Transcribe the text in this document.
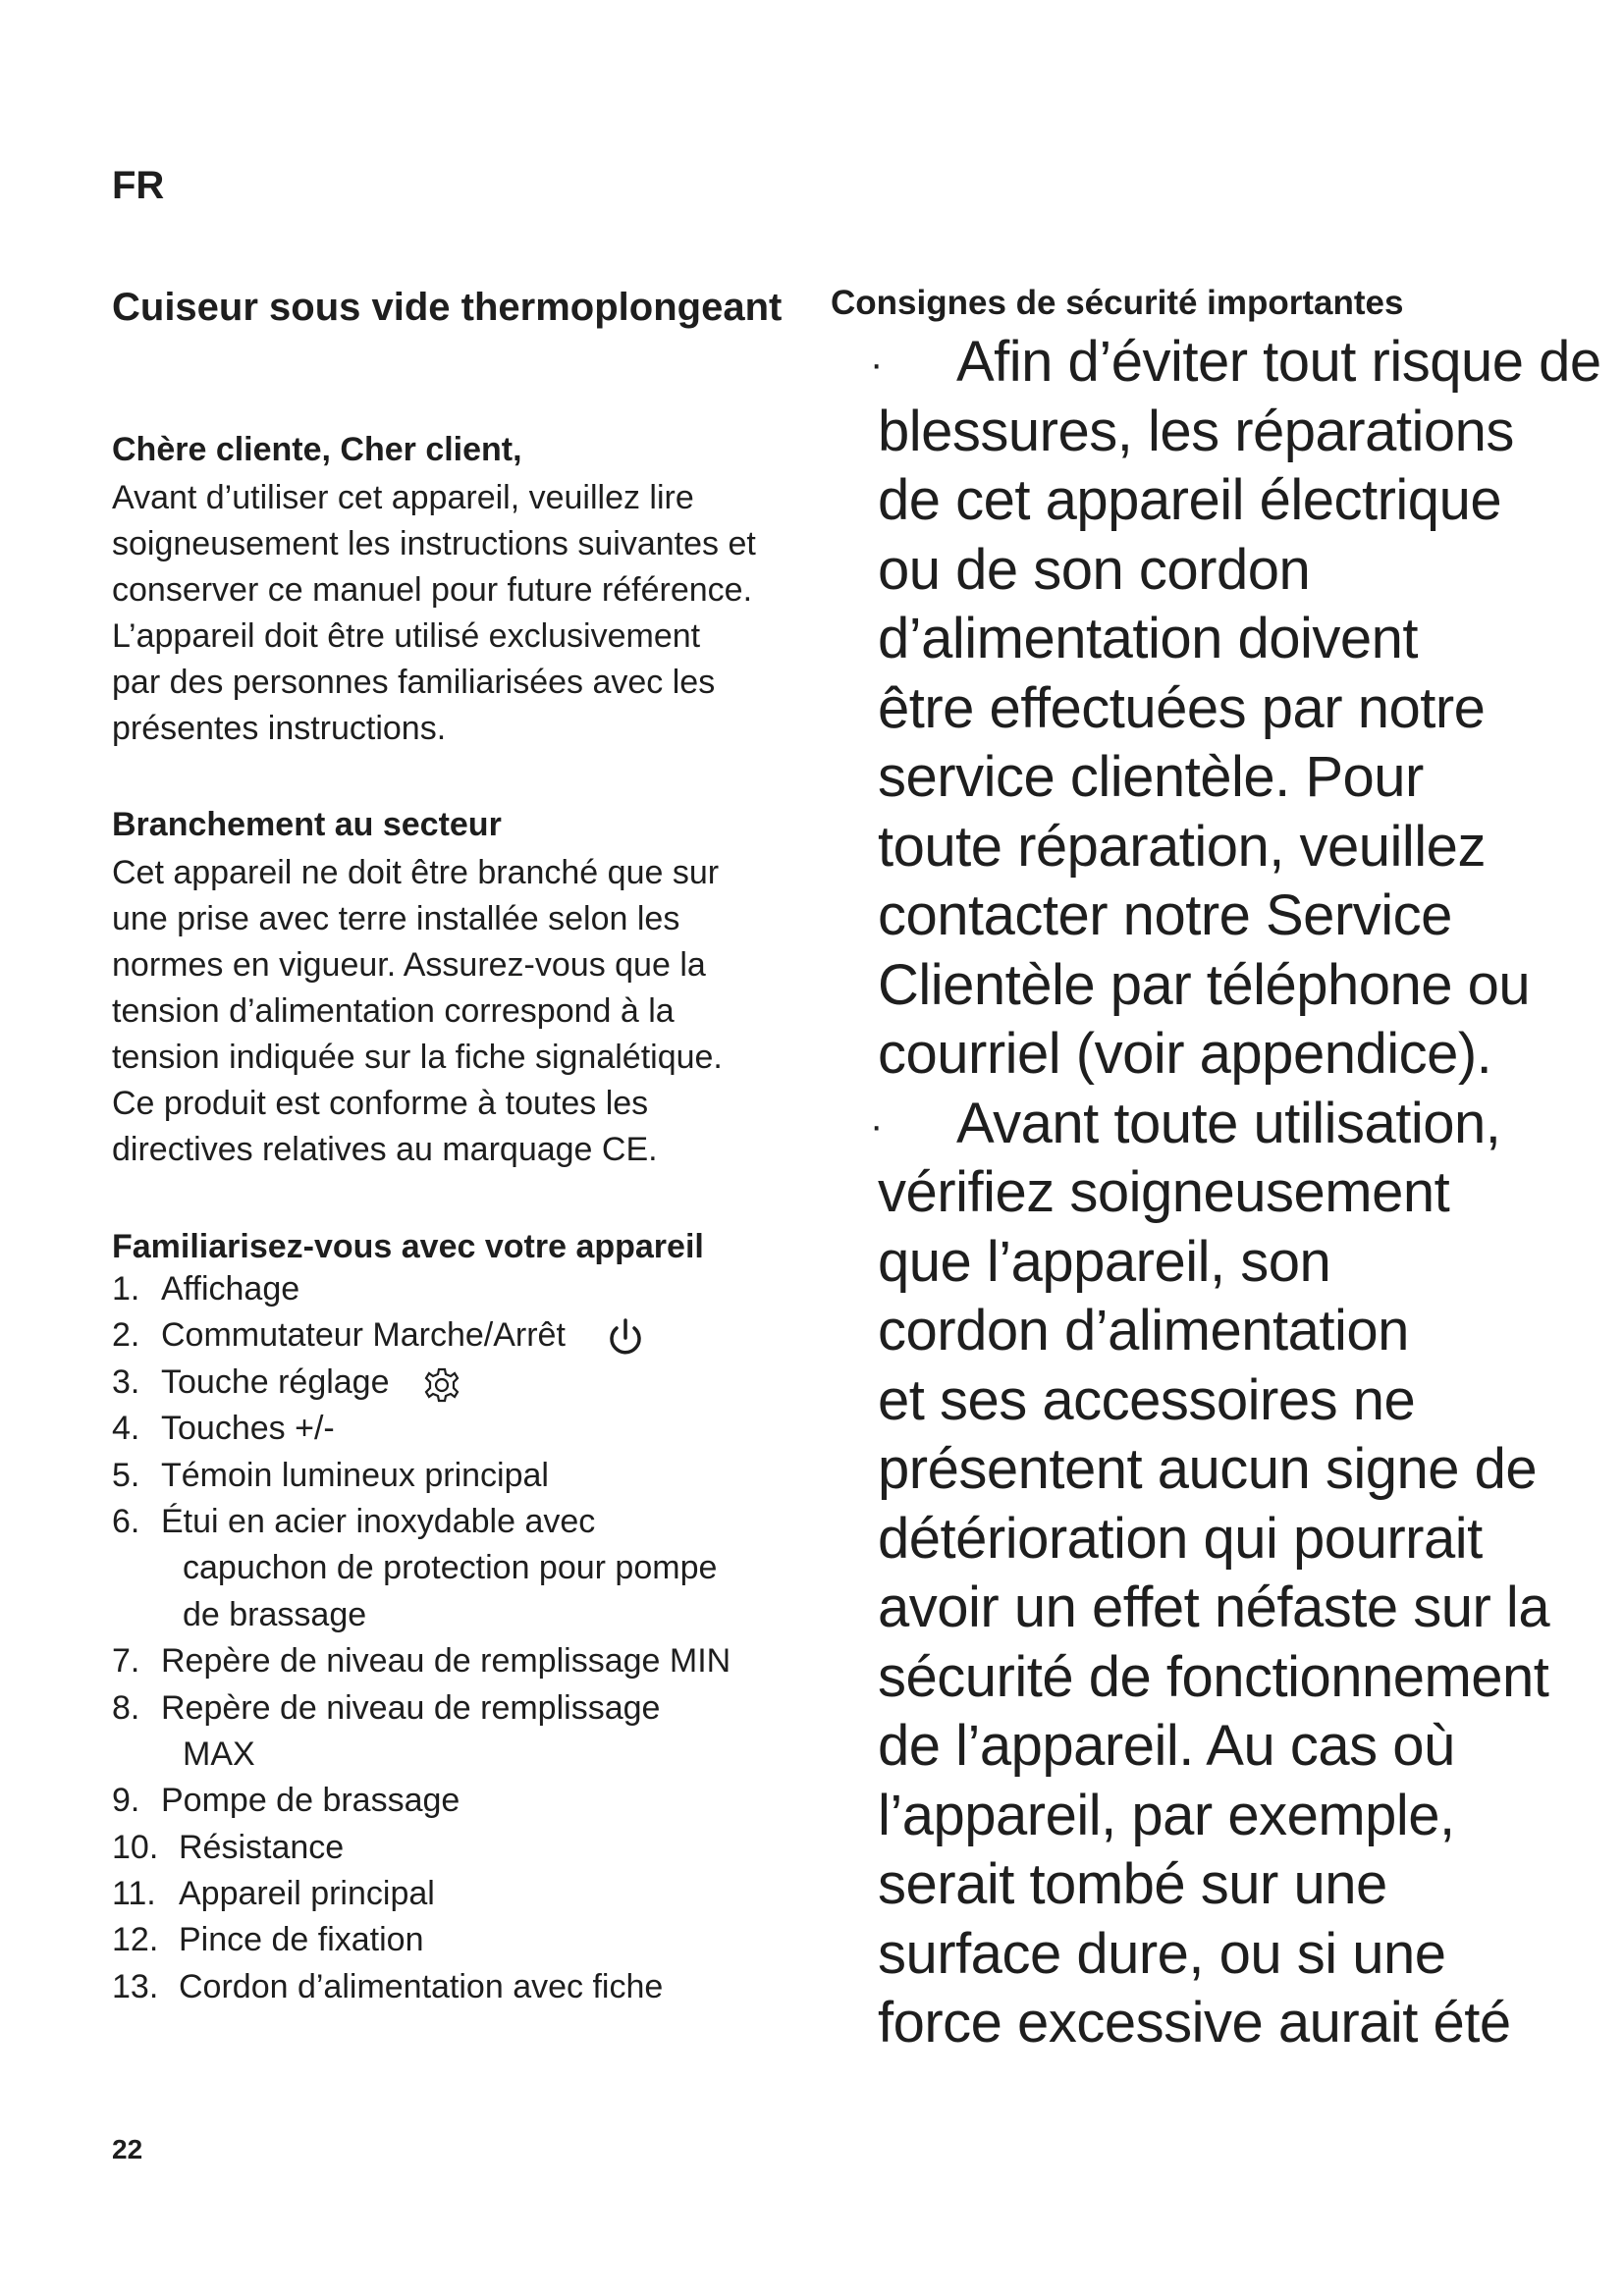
FR
Cuiseur sous vide thermoplongeant
Chère cliente, Cher client,
Avant d’utiliser cet appareil, veuillez lire
soigneusement les instructions suivantes et
conserver ce manuel pour future référence.
L’appareil doit être utilisé exclusivement
par des personnes familiarisées avec les
présentes instructions.
Branchement au secteur
Cet appareil ne doit être branché que sur
une prise avec terre installée selon les
normes en vigueur. Assurez-vous que la
tension d’alimentation correspond à la
tension indiquée sur la fiche signalétique.
Ce produit est conforme à toutes les
directives relatives au marquage CE.
Familiarisez-vous avec votre appareil
1. Affichage
2. Commutateur Marche/Arrêt
3. Touche réglage
4. Touches +/-
5. Témoin lumineux principal
6. Étui en acier inoxydable avec
capuchon de protection pour pompe
de brassage
7. Repère de niveau de remplissage MIN
8. Repère de niveau de remplissage
MAX
9. Pompe de brassage
10. Résistance
11. Appareil principal
12. Pince de fixation
13. Cordon d’alimentation avec fiche
Consignes de sécurité importantes
· Afin d’éviter tout risque de
blessures, les réparations
de cet appareil électrique
ou de son cordon
d’alimentation doivent
être effectuées par notre
service clientèle. Pour
toute réparation, veuillez
contacter notre Service
Clientèle par téléphone ou
courriel (voir appendice).
· Avant toute utilisation,
vérifiez soigneusement
que l’appareil, son
cordon d’alimentation
et ses accessoires ne
présentent aucun signe de
détérioration qui pourrait
avoir un effet néfaste sur la
sécurité de fonctionnement
de l’appareil. Au cas où
l’appareil, par exemple,
serait tombé sur une
surface dure, ou si une
force excessive aurait été
22
